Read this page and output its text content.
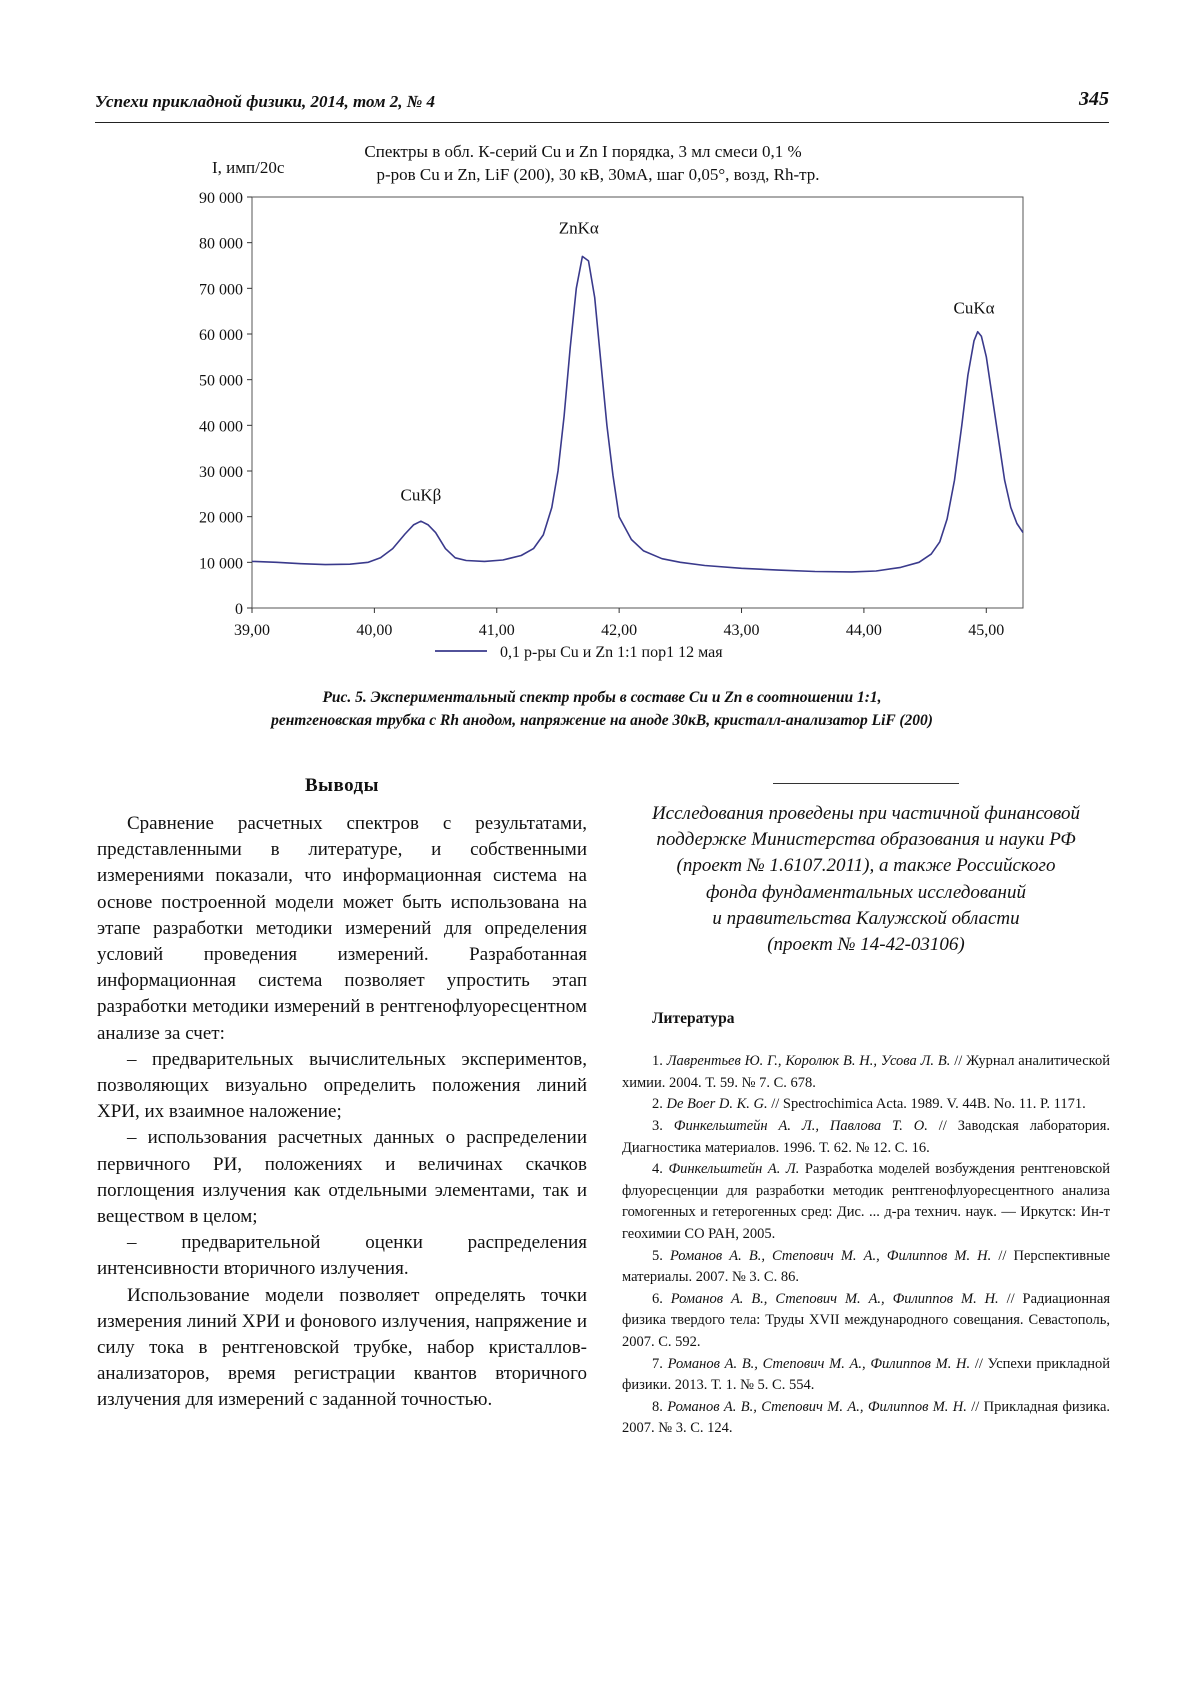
Успехи прикладной физики, 2014, том 2, № 4	345
Спектры в обл. К-серий Cu и Zn I порядка, 3 мл смеси 0,1 %
р-ров Cu и Zn, LiF (200), 30 кВ, 30мА, шаг 0,05°, возд, Rh-тр.
I, имп/20с
0
10 000
20 000
30 000
40 000
50 000
60 000
70 000
80 000
90 000
39,00	40,00	41,00	42,00	43,00	44,00	45,00
CuKβ
ZnKα
CuKα
0,1 р-ры Cu и Zn 1:1 пор1 12 мая
Рис. 5. Экспериментальный спектр пробы в составе Cu и Zn в соотношении 1:1,
рентгеновская трубка с Rh анодом, напряжение на аноде 30кВ, кристалл-анализатор LiF (200)
Выводы

Сравнение расчетных спектров с результатами, представленными в литературе, и собственными измерениями показали, что информационная система на основе построенной модели может быть использована на этапе разработки методики измерений для определения условий проведения измерений. Разработанная информационная система позволяет упростить этап разработки методики измерений в рентгенофлуоресцентном анализе за счет:

– предварительных вычислительных экспериментов, позволяющих визуально определить положения линий ХРИ, их взаимное наложение;

– использования расчетных данных о распределении первичного РИ, положениях и величинах скачков поглощения излучения как отдельными элементами, так и веществом в целом;

– предварительной оценки распределения интенсивности вторичного излучения.

Использование модели позволяет определять точки измерения линий ХРИ и фонового излучения, напряжение и силу тока в рентгеновской трубке, набор кристаллов-анализаторов, время регистрации квантов вторичного излучения для измерений с заданной точностью.

Исследования проведены при частичной финансовой
поддержке Министерства образования и науки РФ
(проект № 1.6107.2011), а также Российского
фонда фундаментальных исследований
и правительства Калужской области
(проект № 14-42-03106)
Литература

1. Лаврентьев Ю. Г., Королюк В. Н., Усова Л. В. // Журнал аналитической химии. 2004. Т. 59. № 7. С. 678.

2. De Boer D. K. G. // Spectrochimica Acta. 1989. V. 44B. No. 11. P. 1171.

3. Финкельштейн А. Л., Павлова Т. О. // Заводская лаборатория. Диагностика материалов. 1996. Т. 62. № 12. С. 16.

4. Финкельштейн А. Л. Разработка моделей возбуждения рентгеновской флуоресценции для разработки методик рентгенофлуоресцентного анализа гомогенных и гетерогенных сред: Дис. ... д-ра технич. наук. — Иркутск: Ин-т геохимии СО РАН, 2005.

5. Романов А. В., Степович М. А., Филиппов М. Н. // Перспективные материалы. 2007. № 3. С. 86.

6. Романов А. В., Степович М. А., Филиппов М. Н. // Радиационная физика твердого тела: Труды XVII международного совещания. Севастополь, 2007. С. 592.

7. Романов А. В., Степович М. А., Филиппов М. Н. // Успехи прикладной физики. 2013. Т. 1. № 5. С. 554.

8. Романов А. В., Степович М. А., Филиппов М. Н. // Прикладная физика. 2007. № 3. С. 124.
